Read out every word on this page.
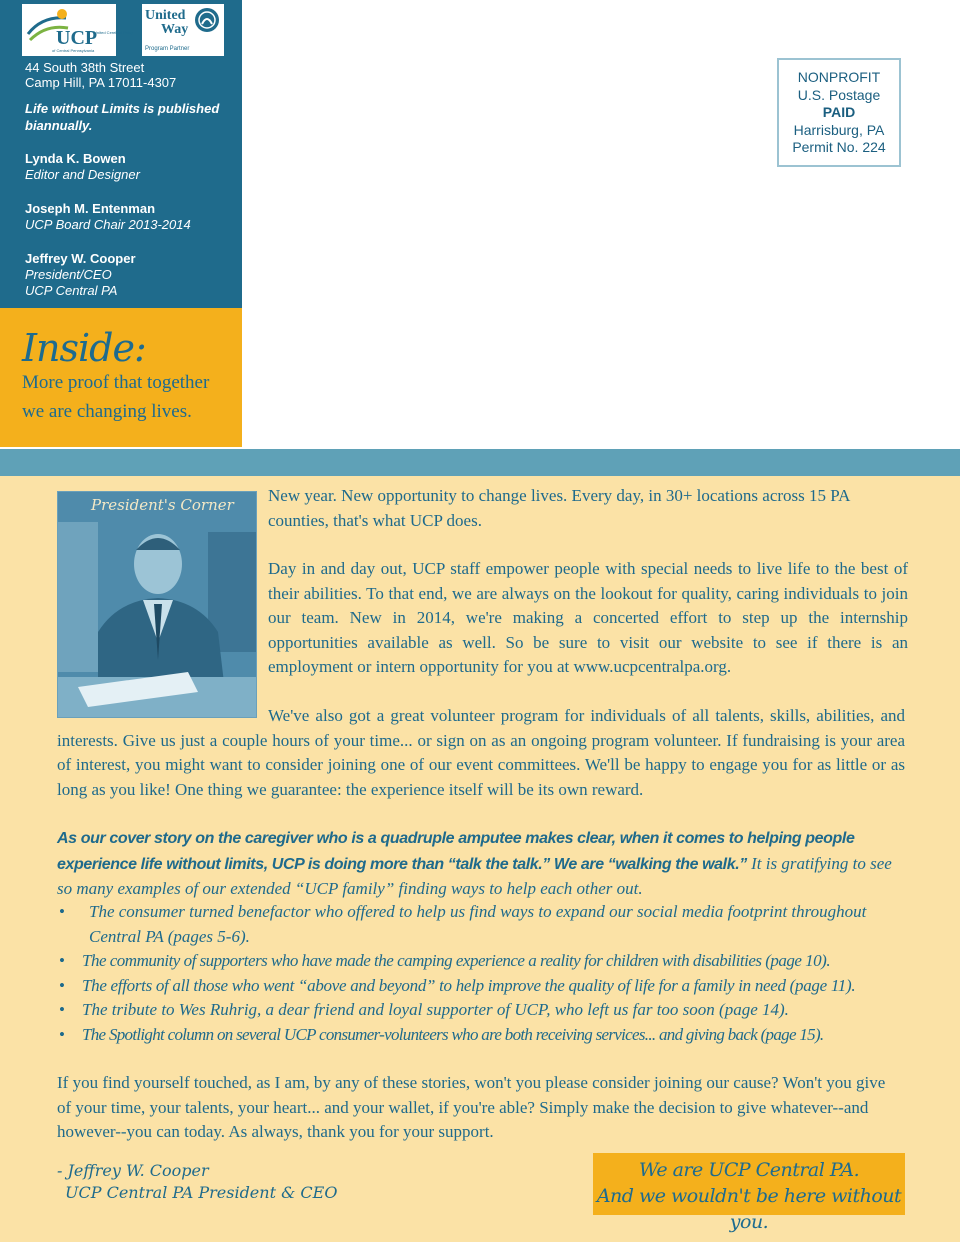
UCP
United Cerebral Palsy
of Central Pennsylvania
United
Way
Program Partner
44 South 38th Street
Camp Hill, PA 17011-4307
Life without Limits is published biannually.
Lynda K. Bowen
Editor and Designer
Joseph M. Entenman
UCP Board Chair 2013-2014
Jeffrey W. Cooper
President/CEO
UCP Central PA
Inside:
More proof that together we are changing lives.
NONPROFIT
U.S. Postage
PAID
Harrisburg, PA
Permit No. 224
President's Corner New year. New opportunity to change lives. Every day, in 30+ locations across 15 PA counties, that's what UCP does.
Day in and day out, UCP staff empower people with special needs to live life to the best of their abilities. To that end, we are always on the lookout for quality, caring individuals to join our team. New in 2014, we're making a concerted effort to step up the internship opportunities available as well. So be sure to visit our website to see if there is an employment or intern opportunity for you at www.ucpcentralpa.org.
We've also got a great volunteer program for individuals of all talents, skills, abilities, and interests. Give us just a couple hours of your time... or sign on as an ongoing program volunteer. If fundraising is your area of interest, you might want to consider joining one of our event committees. We'll be happy to engage you for as little or as long as you like! One thing we guarantee: the experience itself will be its own reward.
As our cover story on the caregiver who is a quadruple amputee makes clear, when it comes to helping people experience life without limits, UCP is doing more than “talk the talk.” We are “walking the walk.” It is gratifying to see so many examples of our extended “UCP family” finding ways to help each other out.
• The consumer turned benefactor who offered to help us find ways to expand our social media footprint throughout Central PA (pages 5-6).
• The community of supporters who have made the camping experience a reality for children with disabilities (page 10).
• The efforts of all those who went “above and beyond” to help improve the quality of life for a family in need (page 11).
• The tribute to Wes Ruhrig, a dear friend and loyal supporter of UCP, who left us far too soon (page 14).
• The Spotlight column on several UCP consumer-volunteers who are both receiving services... and giving back (page 15).
If you find yourself touched, as I am, by any of these stories, won't you please consider joining our cause? Won't you give of your time, your talents, your heart... and your wallet, if you're able? Simply make the decision to give whatever--and however--you can today. As always, thank you for your support.
- Jeffrey W. Cooper
UCP Central PA President & CEO
We are UCP Central PA.
And we wouldn't be here without you.
